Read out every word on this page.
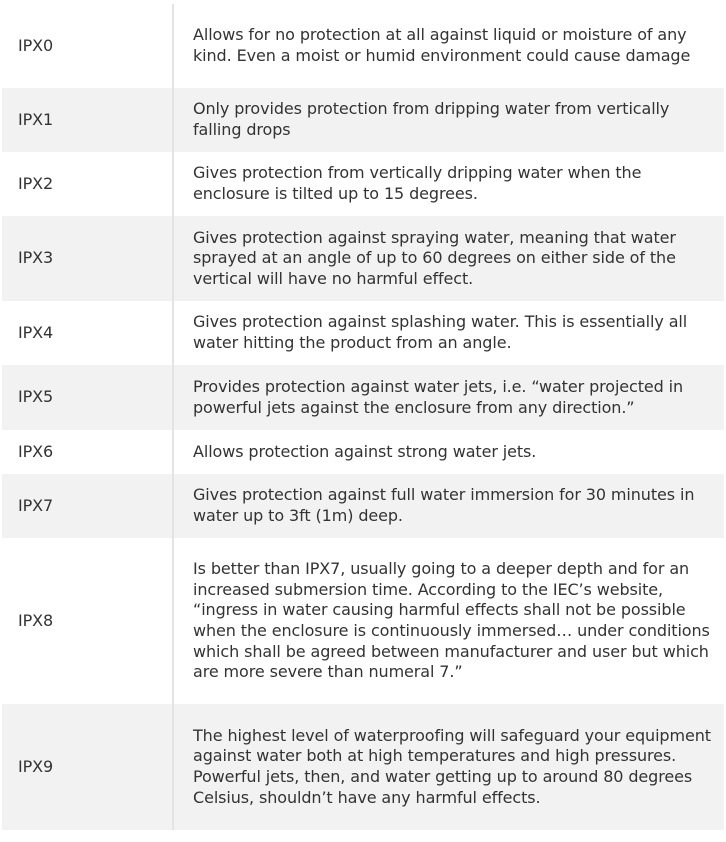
IPX0	Allows for no protection at all against liquid or moisture of any kind. Even a moist or humid environment could cause damage

IPX1	Only provides protection from dripping water from vertically falling drops

IPX2	Gives protection from vertically dripping water when the enclosure is tilted up to 15 degrees.

IPX3	Gives protection against spraying water, meaning that water sprayed at an angle of up to 60 degrees on either side of the vertical will have no harmful effect.

IPX4	Gives protection against splashing water. This is essentially all water hitting the product from an angle.

IPX5	Provides protection against water jets, i.e. “water projected in powerful jets against the enclosure from any direction.”

IPX6	Allows protection against strong water jets.

IPX7	Gives protection against full water immersion for 30 minutes in water up to 3ft (1m) deep.

IPX8	Is better than IPX7, usually going to a deeper depth and for an increased submersion time. According to the IEC’s website, “ingress in water causing harmful effects shall not be possible when the enclosure is continuously immersed… under conditions which shall be agreed between manufacturer and user but which are more severe than numeral 7.”

IPX9	The highest level of waterproofing will safeguard your equipment against water both at high temperatures and high pressures. Powerful jets, then, and water getting up to around 80 degrees Celsius, shouldn’t have any harmful effects.
